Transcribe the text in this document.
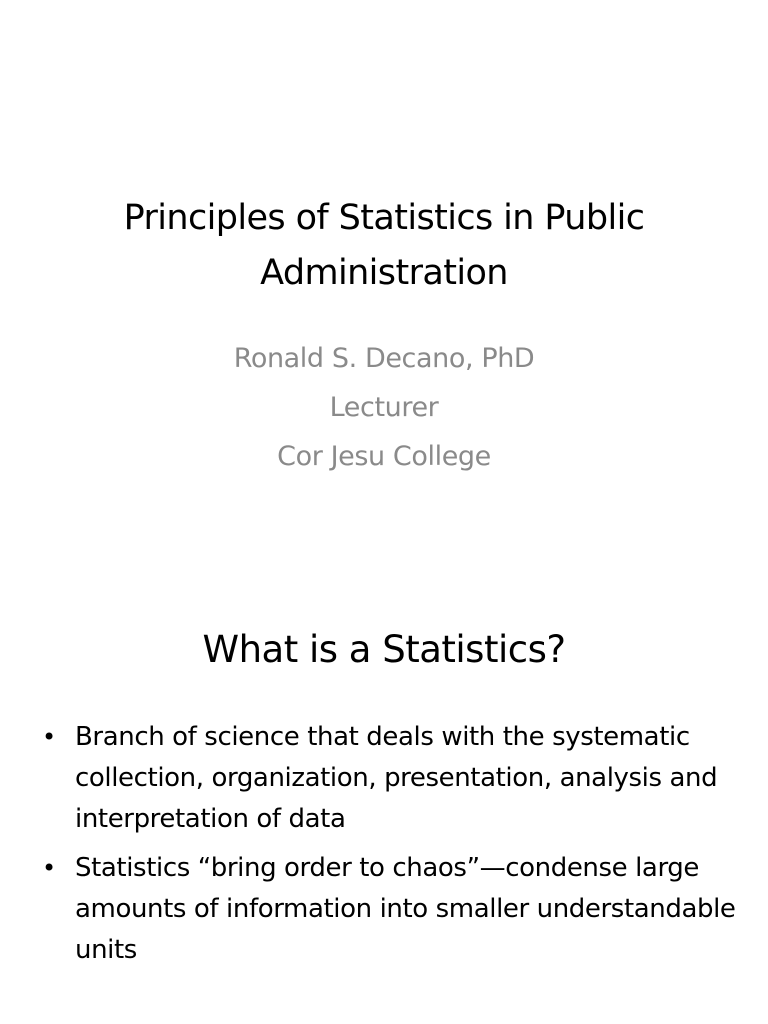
Principles of Statistics in Public
Administration
Ronald S. Decano, PhD
Lecturer
Cor Jesu College
What is a Statistics?
• Branch of science that deals with the systematic collection, organization, presentation, analysis and interpretation of data
• Statistics “bring order to chaos”—condense large amounts of information into smaller understandable units
